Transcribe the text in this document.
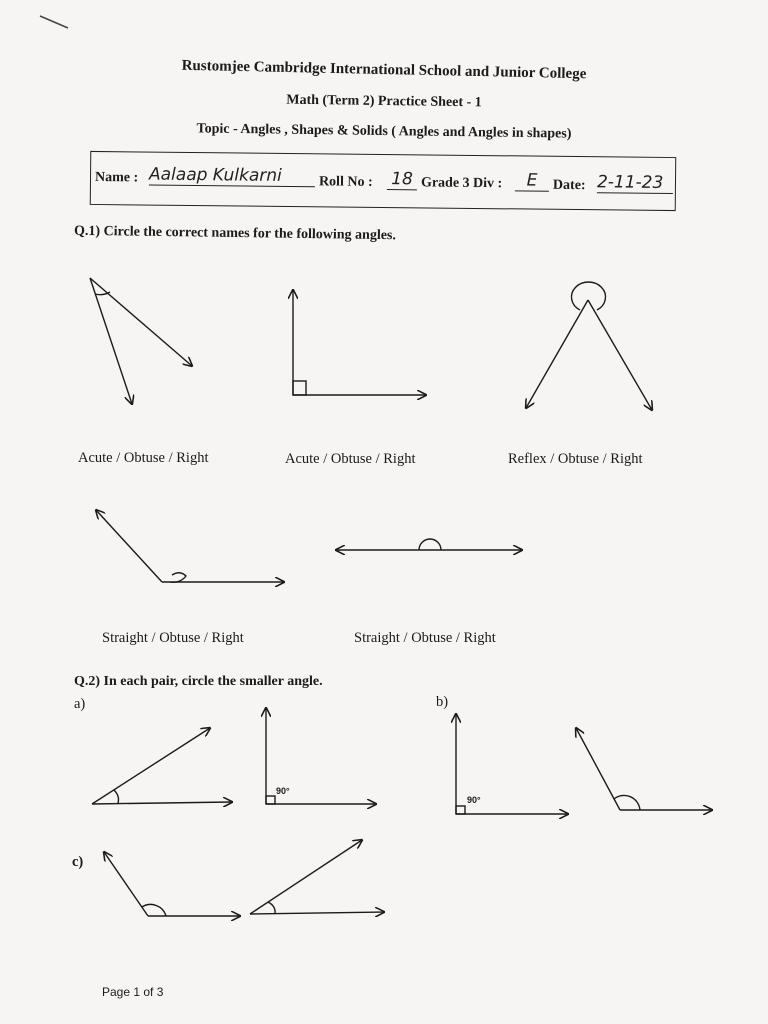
Rustomjee Cambridge International School and Junior College
Math (Term 2) Practice Sheet - 1
Topic - Angles , Shapes & Solids ( Angles and Angles in shapes)
Name : Aalaap Kulkarni	Roll No : 18 Grade 3 Div :	E	Date: 2-11-23
Q.1) Circle the correct names for the following angles.
Acute / Obtuse / Right	Acute / Obtuse / Right	Reflex / Obtuse / Right
Straight / Obtuse / Right	Straight / Obtuse / Right
Q.2) In each pair, circle the smaller angle.
a)	b)
c)
90°
90°
Page 1 of 3
